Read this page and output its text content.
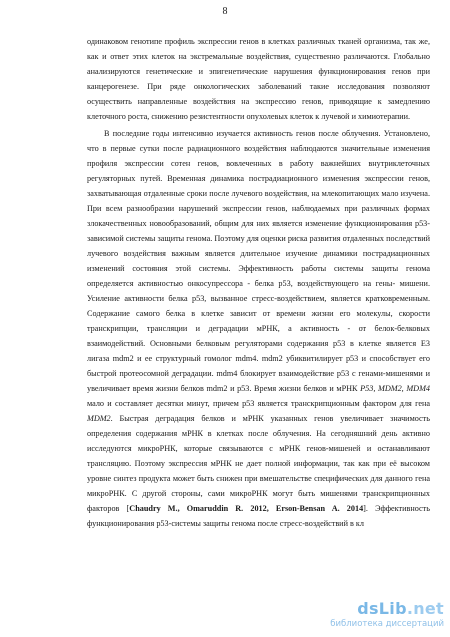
8

одинаковом генотипе профиль экспрессии генов в клетках различных тканей организма, так же, как и ответ этих клеток на экстремальные воздействия, существенно различаются. Глобально анализируются генетические и эпигенетические нарушения функционирования генов при канцерогенезе. При ряде онкологических заболеваний такие исследования позволяют осуществить направленные воздействия на экспрессию генов, приводящие к замедлению клеточного роста, снижению резистентности опухолевых клеток к лучевой и химиотерапии.

В последние годы интенсивно изучается активность генов после облучения. Установлено, что в первые сутки после радиационного воздействия наблюдаются значительные изменения профиля экспрессии сотен генов, вовлеченных в работу важнейших внутриклеточных регуляторных путей. Временная динамика пострадиационного изменения экспрессии генов, захватывающая отдаленные сроки после лучевого воздействия, на млекопитающих мало изучена. При всем разнообразии нарушений экспрессии генов, наблюдаемых при различных формах злокачественных новообразований, общим для них является изменение функционирования р53- зависимой системы защиты генома. Поэтому для оценки риска развития отдаленных последствий лучевого воздействия важным является длительное изучение динамики пострадиационных изменений состояния этой системы. Эффективность работы системы защиты генома определяется активностью онкосупрессора - белка р53, воздействующего на гены- мишени. Усиление активности белка р53, вызванное стресс-воздействием, является кратковременным. Содержание самого белка в клетке зависит от времени жизни его молекулы, скорости транскрипции, трансляции и деградации мРНК, а активность - от белок-белковых взаимодействий. Основными белковым регуляторами содержания р53 в клетке является Е3 лигаза mdm2 и ее структурный гомолог mdm4. mdm2 убиквитилирует р53 и способствует его быстрой протеосомной деградации. mdm4 блокирует взаимодействие р53 с генами-мишенями и увеличивает время жизни белков mdm2 и р53. Время жизни белков и мРНК P53, MDM2, MDM4 мало и составляет десятки минут, причем р53 является транскрипционным фактором для гена MDM2. Быстрая деградация белков и мРНК указанных генов увеличивает значимость определения содержания мРНК в клетках после облучения. На сегодняшний день активно исследуются микроРНК, которые связываются с мРНК генов-мишеней и останавливают трансляцию. Поэтому экспрессия мРНК не дает полной информации, так как при её высоком уровне синтез продукта может быть снижен при вмешательстве специфических для данного гена микроРНК. С другой стороны, сами микроРНК могут быть мишенями транскрипционных факторов [Chaudry M., Omaruddin R. 2012, Erson-Bensan A. 2014]. Эффективность функционирования р53-системы защиты генома после стресс-воздействий в кл

dsLib.net
библиотека диссертаций
